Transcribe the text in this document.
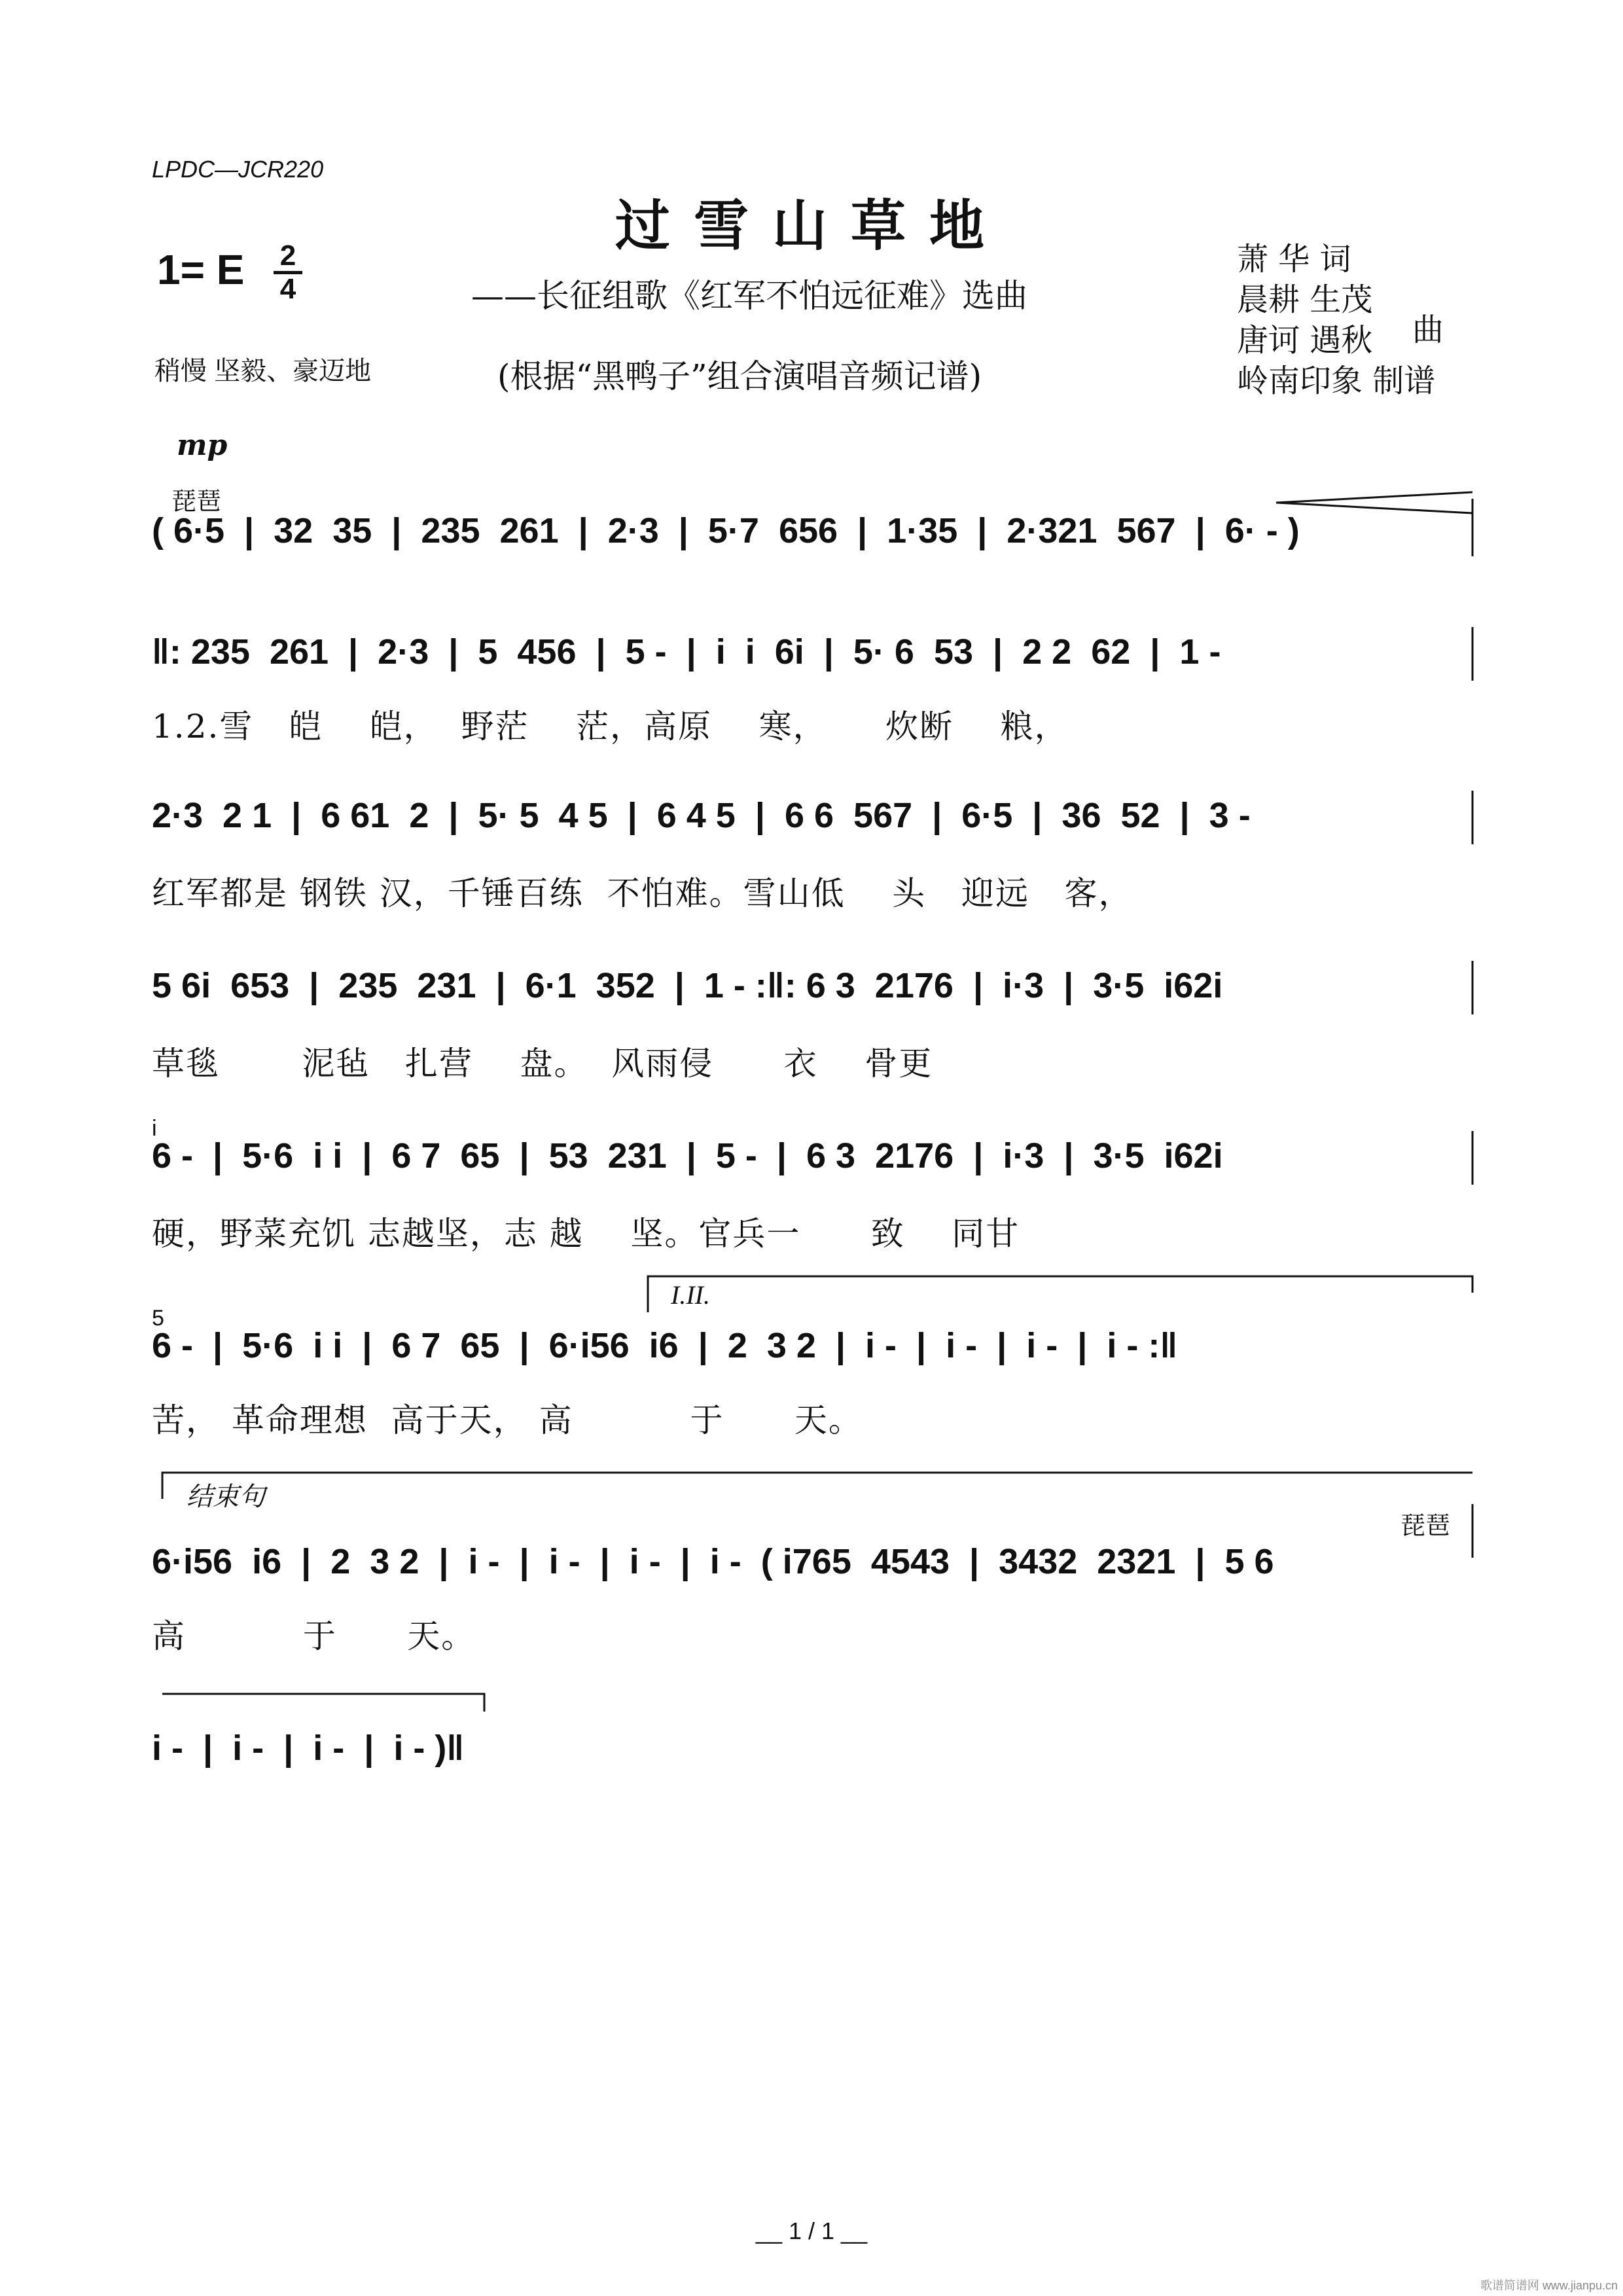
LPDC—JCR220
过雪山草地
——长征组歌《红军不怕远征难》选曲
(根据“黑鸭子”组合演唱音频记谱)
1= E 2
4
稍慢 坚毅、豪迈地
萧 华 词
晨耕 生茂
唐诃 遇秋	曲
岭南印象 制谱
mp
琵琶
( 6·5  |  32  35  |  235  261  |  2·3  |  5·7  656  |  1·35  |  2·321  567  |  6· - )
‖: 235  261  |  2·3  |  5  456  |  5 -  |  i  i  6i  |  5· 6  53  |  2 2  62  |  1 -
1.2.雪   皑    皑，  野茫    茫，高原    寒，     炊断    粮，
2·3  2 1  |  6 61  2  |  5· 5  4 5  |  6 4 5  |  6 6  567  |  6·5  |  36  52  |  3 -
红军都是 钢铁 汉，千锤百练  不怕难。雪山低    头   迎远   客，
5 6i  653  |  235  231  |  6·1  352  |  1 - :‖: 6 3  2176  |  i·3  |  3·5  i62i
草毯       泥毡   扎营    盘。  风雨侵      衣    骨更
i
6 -  |  5·6  i i  |  6 7  65  |  53  231  |  5 -  |  6 3  2176  |  i·3  |  3·5  i62i
硬，野菜充饥 志越坚，志 越    坚。官兵一      致    同甘
I.II.
5
6 -  |  5·6  i i  |  6 7  65  |  6·i56  i6  |  2  3 2  |  i -  |  i -  |  i -  |  i - :‖
苦， 革命理想  高于天， 高          于      天。
结束句
琵琶
6·i56  i6  |  2  3 2  |  i -  |  i -  |  i -  |  i -  ( i765  4543  |  3432  2321  |  5 6
高          于      天。
i -  |  i -  |  i -  |  i - )‖
__ 1 / 1 __
歌谱简谱网 www.jianpu.cn
